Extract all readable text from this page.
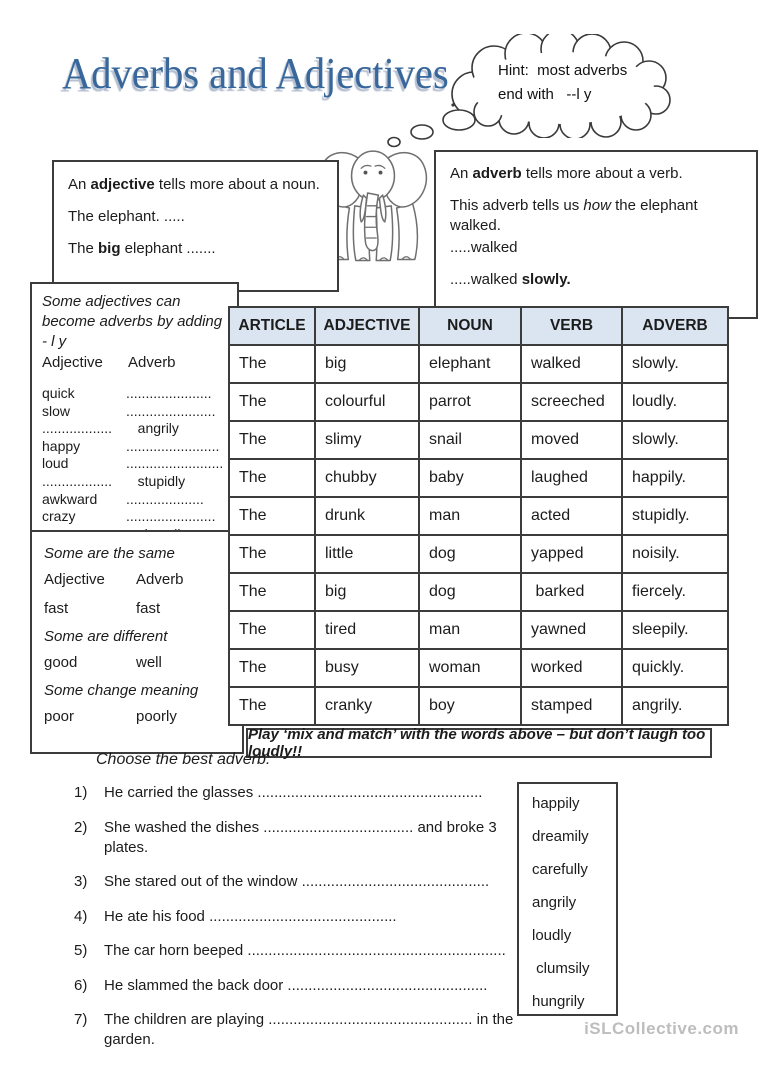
Adverbs and Adjectives	Hint:  most adverbs
end with   --l y

An adjective tells more about a noun.

The elephant. .....

The big elephant .......

An adverb tells more about a verb.

This adverb tells us how the elephant walked.

.....walked

.....walked slowly.

Some adjectives can become adverbs by adding - l y
Adjective	Adverb
quick	......................
slow	.......................
.................. angrily
happy	........................
loud	.........................
.................. stupidly
awkward	....................
crazy	.......................
Some are the same
Adjective	Adverb
fast	fast
Some are different
good	well
Some change meaning
poor	poorly
ARTICLE	ADJECTIVE	NOUN	VERB	ADVERB
The	big	elephant	walked	slowly.
The	colourful	parrot	screeched	loudly.
The	slimy	snail	moved	slowly.
The	chubby	baby	laughed	happily.
The	drunk	man	acted	stupidly.
The	little	dog	yapped	noisily.
The	big	dog	barked	fiercely.
The	tired	man	yawned	sleepily.
The	busy	woman	worked	quickly.
The	cranky	boy	stamped	angrily.
Play ‘mix and match’ with the words above – but don’t laugh too loudly!!
Choose the best adverb:
1)	He carried the glasses ......................................................
2)	She washed the dishes .................................... and broke 3 plates.
3)	She stared out of the window .............................................
4)	He ate his food .............................................
5)	The car horn beeped ..............................................................
6)	He slammed the back door ................................................
7)	The children are playing ................................................. in the garden.
happily
dreamily
carefully
angrily
loudly
clumsily
hungrily
iSLCollective.com
